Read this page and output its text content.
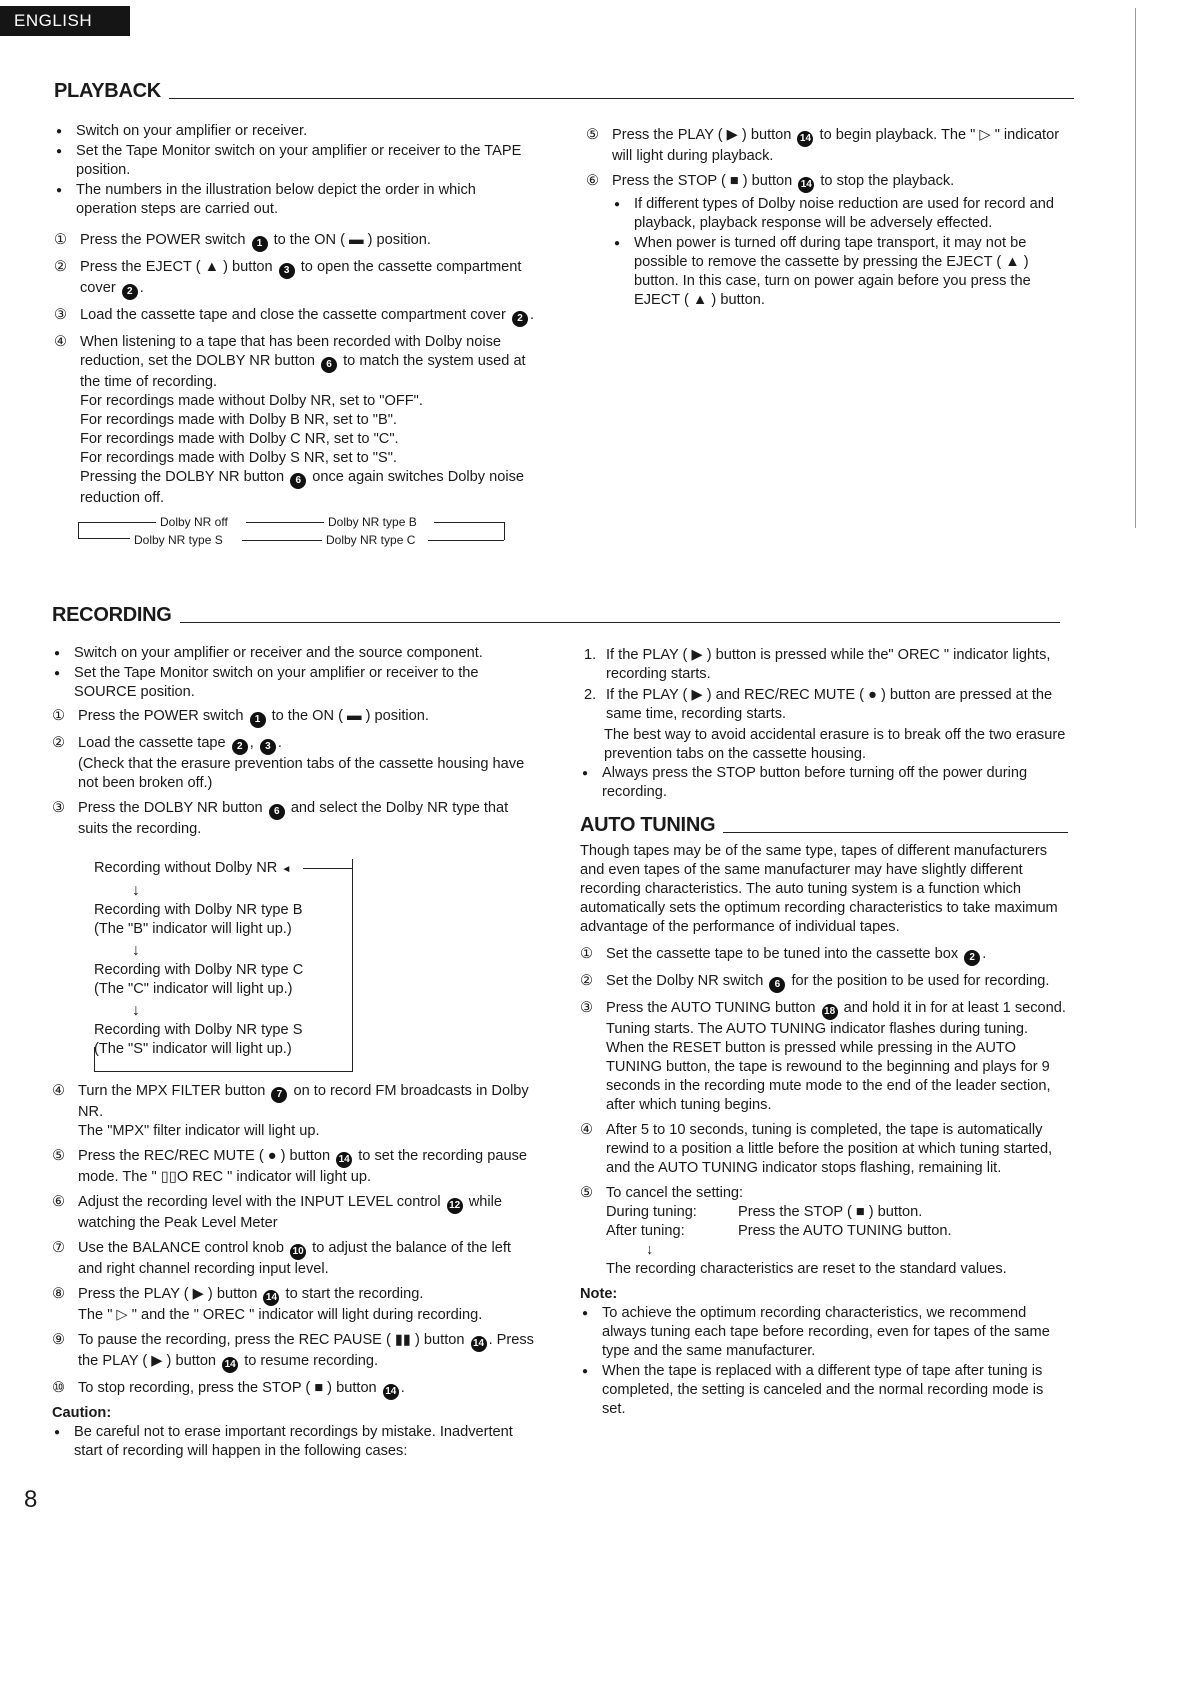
ENGLISH
PLAYBACK
● Switch on your amplifier or receiver.
● Set the Tape Monitor switch on your amplifier or receiver to the TAPE position.
● The numbers in the illustration below depict the order in which operation steps are carried out.
① Press the POWER switch 1 to the ON ( ▬ ) position.
② Press the EJECT ( ▲ ) button 3 to open the cassette compartment cover 2 .
③ Load the cassette tape and close the cassette compartment cover 2 .
④ When listening to a tape that has been recorded with Dolby noise reduction, set the DOLBY NR button 6 to match the system used at the time of recording.
For recordings made without Dolby NR, set to "OFF".
For recordings made with Dolby B NR, set to "B".
For recordings made with Dolby C NR, set to "C".
For recordings made with Dolby S NR, set to "S".
Pressing the DOLBY NR button 6 once again switches Dolby noise reduction off.
Dolby NR off	Dolby NR type B
Dolby NR type S	Dolby NR type C
⑤ Press the PLAY ( ▶ ) button 14 to begin playback. The " ▷ " indicator will light during playback.
⑥ Press the STOP ( ■ ) button 14 to stop the playback.
● If different types of Dolby noise reduction are used for record and playback, playback response will be adversely effected.
● When power is turned off during tape transport, it may not be possible to remove the cassette by pressing the EJECT ( ▲ ) button. In this case, turn on power again before you press the EJECT ( ▲ ) button.
RECORDING
● Switch on your amplifier or receiver and the source component.
● Set the Tape Monitor switch on your amplifier or receiver to the SOURCE position.
① Press the POWER switch 1 to the ON ( ▬ ) position.
② Load the cassette tape 2 , 3 .
(Check that the erasure prevention tabs of the cassette housing have not been broken off.)
③ Press the DOLBY NR button 6 and select the Dolby NR type that suits the recording.
Recording without Dolby NR ◄
↓
Recording with Dolby NR type B
(The "B" indicator will light up.)
↓
Recording with Dolby NR type C
(The "C" indicator will light up.)
↓
Recording with Dolby NR type S
(The "S" indicator will light up.)
④ Turn the MPX FILTER button 7 on to record FM broadcasts in Dolby NR.
The "MPX" filter indicator will light up.
⑤ Press the REC/REC MUTE ( ● ) button 14 to set the recording pause mode. The " ▯▯O REC " indicator will light up.
⑥ Adjust the recording level with the INPUT LEVEL control 12 while watching the Peak Level Meter
⑦ Use the BALANCE control knob 10 to adjust the balance of the left and right channel recording input level.
⑧ Press the PLAY ( ▶ ) button 14 to start the recording.
The " ▷ " and the " OREC " indicator will light during recording.
⑨ To pause the recording, press the REC PAUSE ( ▮▮ ) button 14 . Press the PLAY ( ▶ ) button 14 to resume recording.
⑩ To stop recording, press the STOP ( ■ ) button 14 .
Caution:
● Be careful not to erase important recordings by mistake. Inadvertent start of recording will happen in the following cases:
1. If the PLAY ( ▶ ) button is pressed while the" OREC " indicator lights, recording starts.
2. If the PLAY ( ▶ ) and REC/REC MUTE ( ● ) button are pressed at the same time, recording starts.
The best way to avoid accidental erasure is to break off the two erasure prevention tabs on the cassette housing.
● Always press the STOP button before turning off the power during recording.
AUTO TUNING
Though tapes may be of the same type, tapes of different manufacturers and even tapes of the same manufacturer may have slightly different recording characteristics. The auto tuning system is a function which automatically sets the optimum recording characteristics to take maximum advantage of the performance of individual tapes.
① Set the cassette tape to be tuned into the cassette box 2 .
② Set the Dolby NR switch 6 for the position to be used for recording.
③ Press the AUTO TUNING button 18 and hold it in for at least 1 second. Tuning starts. The AUTO TUNING indicator flashes during tuning.
When the RESET button is pressed while pressing in the AUTO TUNING button, the tape is rewound to the beginning and plays for 9 seconds in the recording mute mode to the end of the leader section, after which tuning begins.
④ After 5 to 10 seconds, tuning is completed, the tape is automatically rewind to a position a little before the position at which tuning started, and the AUTO TUNING indicator stops flashing, remaining lit.
⑤ To cancel the setting:
During tuning:	Press the STOP ( ■ ) button.
After tuning:	Press the AUTO TUNING button.
↓
The recording characteristics are reset to the standard values.
Note:
● To achieve the optimum recording characteristics, we recommend always tuning each tape before recording, even for tapes of the same type and the same manufacturer.
● When the tape is replaced with a different type of tape after tuning is completed, the setting is canceled and the normal recording mode is set.
8
